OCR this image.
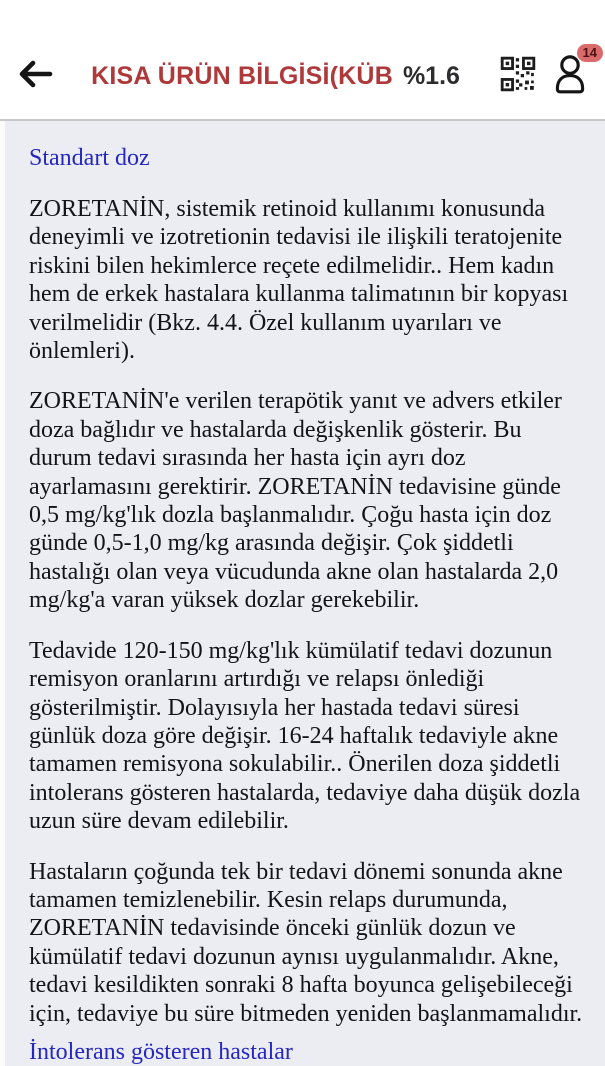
KISA ÜRÜN BİLGİSİ(KÜB %1.6
14
Standart doz

ZORETANİN, sistemik retinoid kullanımı konusunda deneyimli ve izotretionin tedavisi ile ilişkili teratojenite riskini bilen hekimlerce reçete edilmelidir.. Hem kadın hem de erkek hastalara kullanma talimatının bir kopyası verilmelidir (Bkz. 4.4. Özel kullanım uyarıları ve önlemleri).

ZORETANİN'e verilen terapötik yanıt ve advers etkiler doza bağlıdır ve hastalarda değişkenlik gösterir. Bu durum tedavi sırasında her hasta için ayrı doz ayarlamasını gerektirir. ZORETANİN tedavisine günde 0,5 mg/kg'lık dozla başlanmalıdır. Çoğu hasta için doz günde 0,5-1,0 mg/kg arasında değişir. Çok şiddetli hastalığı olan veya vücudunda akne olan hastalarda 2,0 mg/kg'a varan yüksek dozlar gerekebilir.

Tedavide 120-150 mg/kg'lık kümülatif tedavi dozunun remisyon oranlarını artırdığı ve relapsı önlediği gösterilmiştir. Dolayısıyla her hastada tedavi süresi günlük doza göre değişir. 16-24 haftalık tedaviyle akne tamamen remisyona sokulabilir.. Önerilen doza şiddetli intolerans gösteren hastalarda, tedaviye daha düşük dozla uzun süre devam edilebilir.

Hastaların çoğunda tek bir tedavi dönemi sonunda akne tamamen temizlenebilir. Kesin relaps durumunda, ZORETANİN tedavisinde önceki günlük dozun ve kümülatif tedavi dozunun aynısı uygulanmalıdır. Akne, tedavi kesildikten sonraki 8 hafta boyunca gelişebileceği için, tedaviye bu süre bitmeden yeniden başlanmamalıdır.

İntolerans gösteren hastalar
